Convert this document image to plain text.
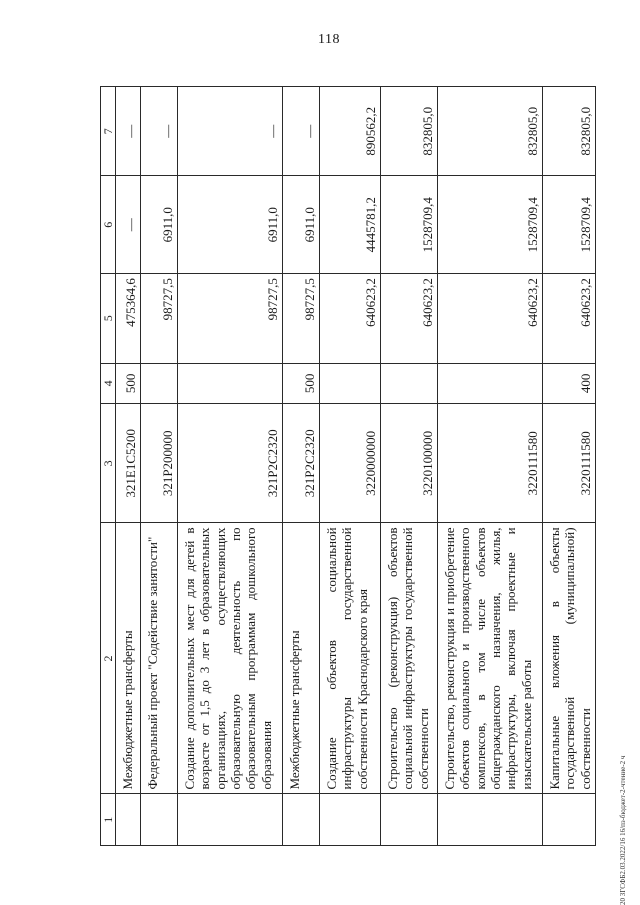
118
20 ЗГСФБ2.03.2022/16 16/пз-бюджет-2-чтение-2 ч
1	2	3	4	5	6	7
	Межбюджетные трансферты	321E1С5200	500	475364,6	—	—
	Федеральный проект "Содействие занятости"	321P200000		98727,5	6911,0	—
	Создание дополнительных мест для детей в возрасте от 1,5 до 3 лет в образовательных организациях, осуществляющих образовательную деятельность по образовательным программам дошкольного образования	321P2С2320		98727,5	6911,0	—
	Межбюджетные трансферты	321P2С2320	500	98727,5	6911,0	—
	Создание объектов социальной инфраструктуры государственной собственности Краснодарского края	3220000000		640623,2	4445781,2	890562,2
	Строительство (реконструкция) объектов социальной инфраструктуры государственной собственности	3220100000		640623,2	1528709,4	832805,0
	Строительство, реконструкция и приобретение объектов социального и производственного комплексов, в том числе объектов общегражданского назначения, жилья, инфраструктуры, включая проектные и изыскательские работы	3220111580		640623,2	1528709,4	832805,0
	Капитальные вложения в объекты государственной (муниципальной) собственности	3220111580	400	640623,2	1528709,4	832805,0
